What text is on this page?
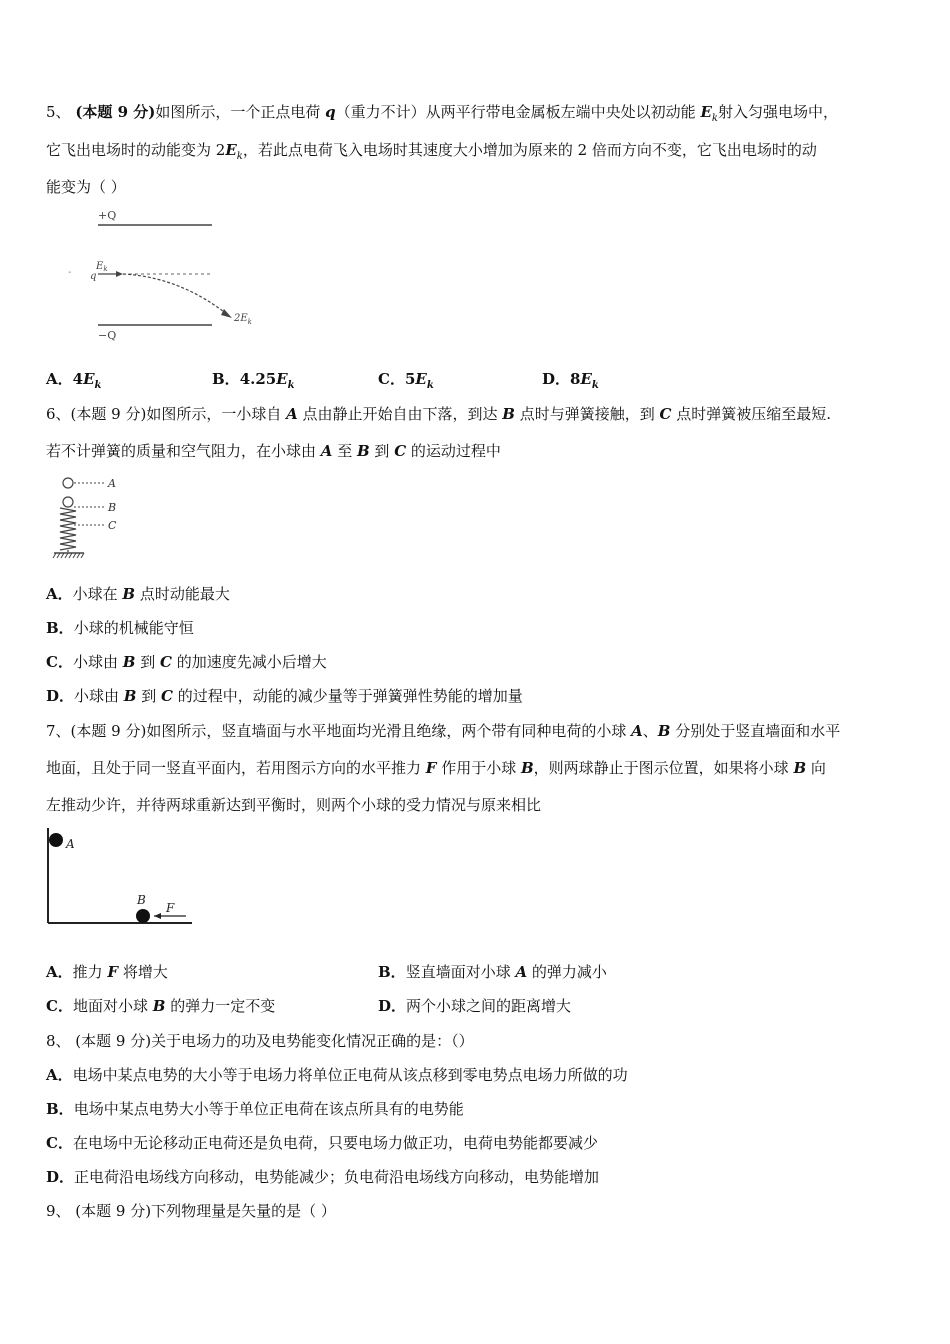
5、 (本题 9 分)如图所示，一个正点电荷 q（重力不计）从两平行带电金属板左端中央处以初动能 $E_k$射入匀强电场中，
它飞出电场时的动能变为 $2E_k$，若此点电荷飞入电场时其速度大小增加为原来的 2 倍而方向不变，它飞出电场时的动
能变为（ ）
+Q
$E_k$
q
$2E_k$
−Q
-
A．$4E_k$	B．$4.25E_k$	C．$5E_k$	D．$8E_k$
6、(本题 9 分)如图所示，一小球自 A 点由静止开始自由下落，到达 B 点时与弹簧接触，到 C 点时弹簧被压缩至最短.
若不计弹簧的质量和空气阻力，在小球由 A 至 B 到 C 的运动过程中
A
B
C
A．小球在 B 点时动能最大
B．小球的机械能守恒
C．小球由 B 到 C 的加速度先减小后增大
D．小球由 B 到 C 的过程中，动能的减少量等于弹簧弹性势能的增加量
7、(本题 9 分)如图所示，竖直墙面与水平地面均光滑且绝缘，两个带有同种电荷的小球 A、B 分别处于竖直墙面和水平
地面，且处于同一竖直平面内，若用图示方向的水平推力 F 作用于小球 B，则两球静止于图示位置，如果将小球 B 向
左推动少许，并待两球重新达到平衡时，则两个小球的受力情况与原来相比
A
B
F
A．推力 F 将增大	B．竖直墙面对小球 A 的弹力减小
C．地面对小球 B 的弹力一定不变	D．两个小球之间的距离增大
8、 (本题 9 分)关于电场力的功及电势能变化情况正确的是：（）
A．电场中某点电势的大小等于电场力将单位正电荷从该点移到零电势点电场力所做的功
B．电场中某点电势大小等于单位正电荷在该点所具有的电势能
C．在电场中无论移动正电荷还是负电荷，只要电场力做正功，电荷电势能都要减少
D．正电荷沿电场线方向移动，电势能减少；负电荷沿电场线方向移动，电势能增加
9、 (本题 9 分)下列物理量是矢量的是（ ）
